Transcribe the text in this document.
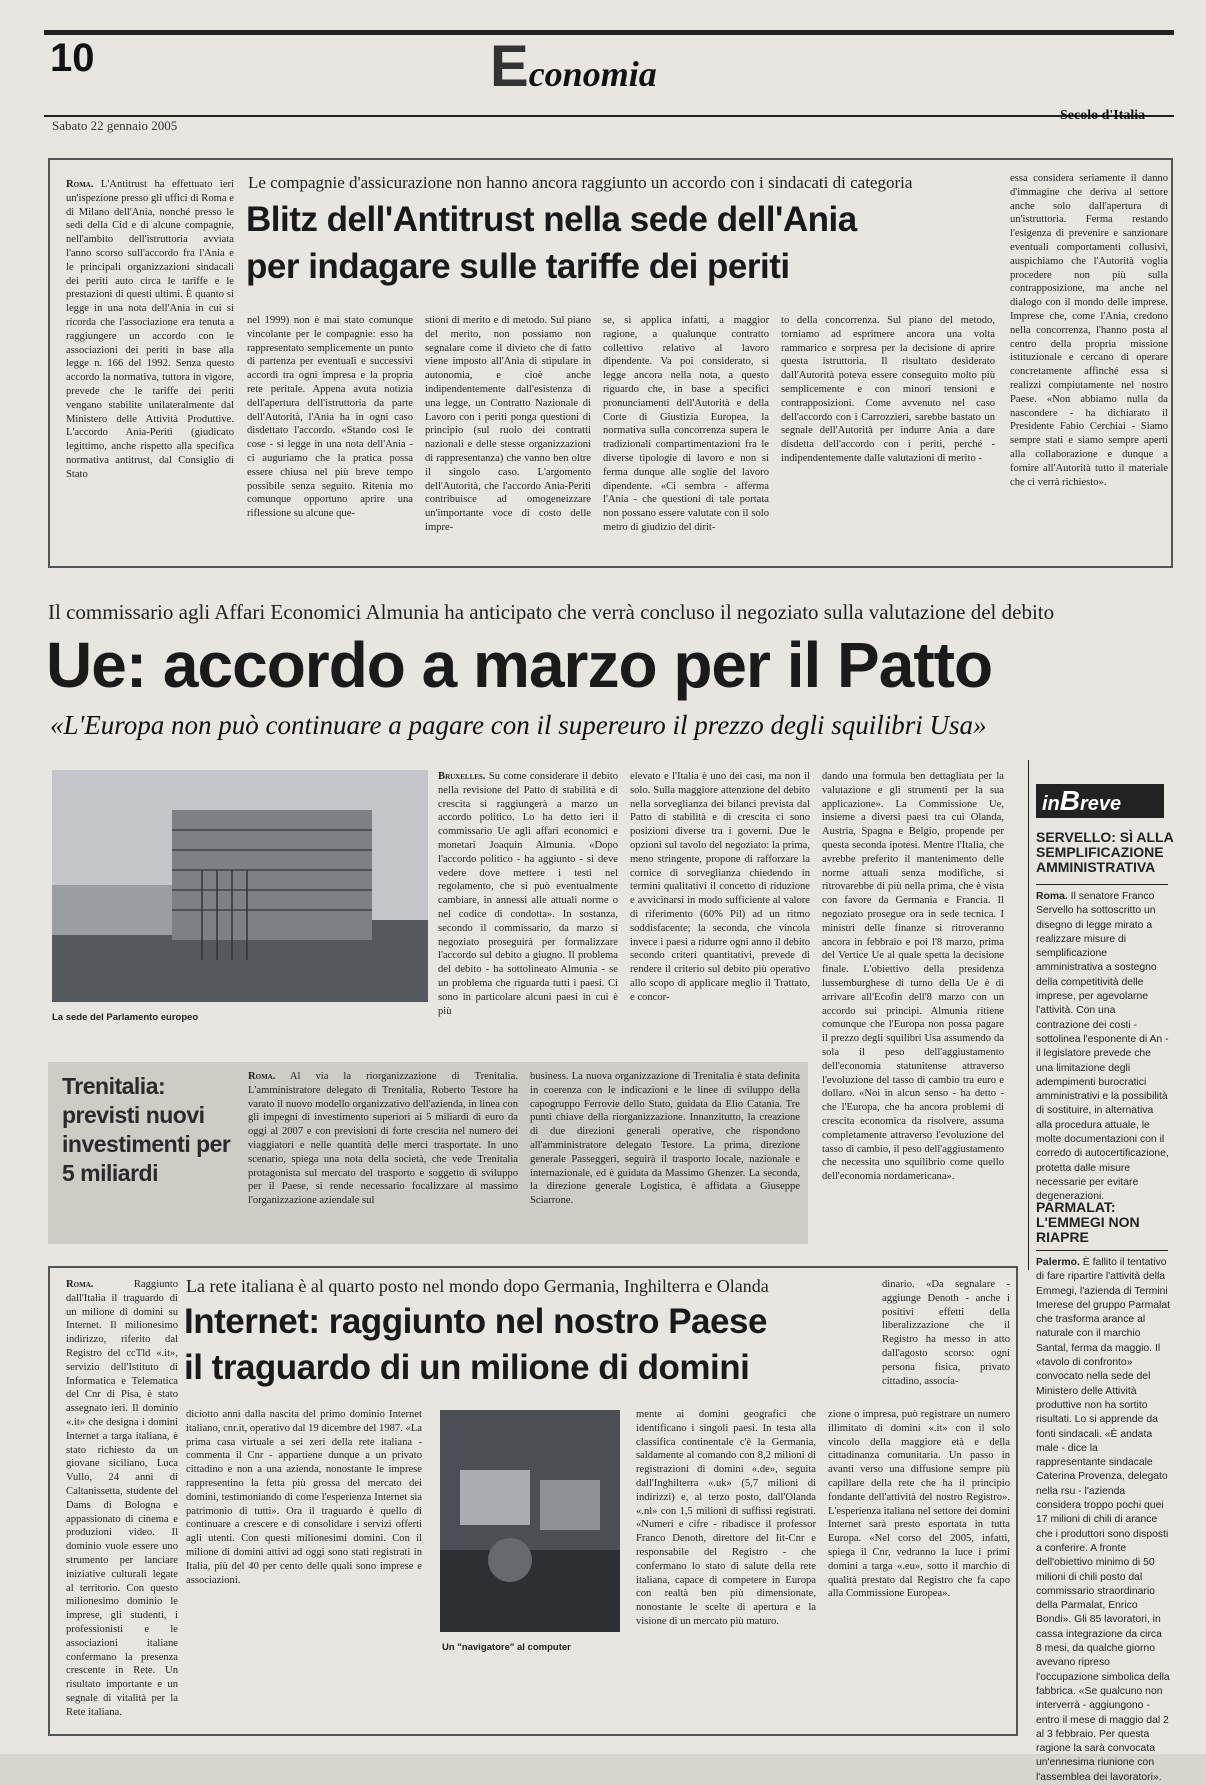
10	Economia
Sabato 22 gennaio 2005
Secolo d'Italia
Roma. L'Antitrust ha effettuato ieri un'ispezione presso gli uffici di Roma e di Milano dell'Ania, nonché presso le sedi della Cid e di alcune compagnie, nell'ambito dell'istruttoria avviata l'anno scorso sull'accordo fra l'Ania e le principali organizzazioni sindacali dei periti auto circa le tariffe e le prestazioni di questi ultimi. È quanto si legge in una nota dell'Ania in cui si ricorda che l'associazione era tenuta a raggiungere un accordo con le associazioni dei periti in base alla legge n. 166 del 1992. Senza questo accordo la normativa, tuttora in vigore, prevede che le tariffe dei periti vengano stabilite unilateralmente dal Ministero delle Attività Produttive. L'accordo Ania-Periti (giudicato legittimo, anche rispetto alla specifica normativa antitrust, dal Consiglio di Stato
Le compagnie d'assicurazione non hanno ancora raggiunto un accordo con i sindacati di categoria
Blitz dell'Antitrust nella sede dell'Ania
per indagare sulle tariffe dei periti
nel 1999) non è mai stato comunque vincolante per le compagnie: esso ha rappresentato semplicemente un punto di partenza per eventuali e successivi accordi tra ogni impresa e la propria rete peritale. Appena avuta notizia dell'apertura dell'istruttoria da parte dell'Autorità, l'Ania ha in ogni caso disdettato l'accordo. «Stando così le cose - si legge in una nota dell'Ania - ci auguriamo che la pratica possa essere chiusa nel più breve tempo possibile senza seguito. Ritenia mo comunque opportuno aprire una riflessione su alcune que-
stioni di merito e di metodo. Sul piano del merito, non possiamo non segnalare come il divieto che di fatto viene imposto all'Ania di stipulare in autonomia, e cioè anche indipendentemente dall'esistenza di una legge, un Contratto Nazionale di Lavoro con i periti ponga questioni di principio (sul ruolo dei contratti nazionali e delle stesse organizzazioni di rappresentanza) che vanno ben oltre il singolo caso. L'argomento dell'Autorità, che l'accordo Ania-Periti contribuisce ad omogeneizzare un'importante voce di costo delle impre-
se, si applica infatti, a maggior ragione, a qualunque contratto collettivo relativo al lavoro dipendente. Va poi considerato, si legge ancora nella nota, a questo riguardo che, in base a specifici pronunciamenti dell'Autorità e della Corte di Giustizia Europea, la normativa sulla concorrenza supera le tradizionali compartimentazioni fra le diverse tipologie di lavoro e non si ferma dunque alle soglie del lavoro dipendente. «Ci sembra - afferma l'Ania - che questioni di tale portata non possano essere valutate con il solo metro di giudizio del dirit-
to della concorrenza. Sul piano del metodo, torniamo ad esprimere ancora una volta rammarico e sorpresa per la decisione di aprire questa istruttoria. Il risultato desiderato dall'Autorità poteva essere conseguito molto più semplicemente e con minori tensioni e contrapposizioni. Come avvenuto nel caso dell'accordo con i Carrozzieri, sarebbe bastato un segnale dell'Autorità per indurre Ania a dare disdetta dell'accordo con i periti, perché - indipendentemente dalle valutazioni di merito -
essa considera seriamente il danno d'immagine che deriva al settore anche solo dall'apertura di un'istruttoria. Ferma restando l'esigenza di prevenire e sanzionare eventuali comportamenti collusivi, auspichiamo che l'Autorità voglia procedere non più sulla contrapposizione, ma anche nel dialogo con il mondo delle imprese. Imprese che, come l'Ania, credono nella concorrenza, l'hanno posta al centro della propria missione istituzionale e cercano di operare concretamente affinché essa si realizzi compiutamente nel nostro Paese. «Non abbiamo nulla da nascondere - ha dichiarato il Presidente Fabio Cerchiai - Siamo sempre stati e siamo sempre aperti alla collaborazione e dunque a fornire all'Autorità tutto il materiale che ci verrà richiesto».
Il commissario agli Affari Economici Almunia ha anticipato che verrà concluso il negoziato sulla valutazione del debito
Ue: accordo a marzo per il Patto
«L'Europa non può continuare a pagare con il supereuro il prezzo degli squilibri Usa»
La sede del Parlamento europeo
Bruxelles. Su come considerare il debito nella revisione del Patto di stabilità e di crescita si raggiungerà a marzo un accordo politico. Lo ha detto ieri il commissario Ue agli affari economici e monetari Joaquin Almunia. «Dopo l'accordo politico - ha aggiunto - si deve vedere dove mettere i testi nel regolamento, che si può eventualmente cambiare, in annessi alle attuali norme o nel codice di condotta». In sostanza, secondo il commissario, da marzo si negoziato proseguirà per formalizzare l'accordo sul debito a giugno. Il problema del debito - ha sottolineato Almunia - se un problema che riguarda tutti i paesi. Ci sono in particolare alcuni paesi in cui è più
elevato e l'Italia è uno dei casi, ma non il solo. Sulla maggiore attenzione del debito nella sorveglianza dei bilanci prevista dal Patto di stabilità e di crescita ci sono posizioni diverse tra i governi. Due le opzioni sul tavolo del negoziato: la prima, meno stringente, propone di rafforzare la cornice di sorveglianza chiedendo in termini qualitativi il concetto di riduzione e avvicinarsi in modo sufficiente al valore di riferimento (60% Pil) ad un ritmo soddisfacente; la seconda, che vincola invece i paesi a ridurre ogni anno il debito secondo criteri quantitativi, prevede di rendere il criterio sul debito più operativo allo scopo di applicare meglio il Trattato, e concor-
dando una formula ben dettagliata per la valutazione e gli strumenti per la sua applicazione». La Commissione Ue, insieme a diversi paesi tra cui Olanda, Austria, Spagna e Belgio, propende per questa seconda ipotesi. Mentre l'Italia, che avrebbe preferito il mantenimento delle norme attuali senza modifiche, si ritrovarebbe di più nella prima, che è vista con favore da Germania e Francia. Il negoziato prosegue ora in sede tecnica. I ministri delle finanze si ritroveranno ancora in febbraio e poi l'8 marzo, prima del Vertice Ue al quale spetta la decisione finale. L'obiettivo della presidenza lussemburghese di turno della Ue è di arrivare all'Ecofin dell'8 marzo con un accordo sui principi. Almunia ritiene comunque che l'Europa non possa pagare il prezzo degli squilibri Usa assumendo da sola il peso dell'aggiustamento dell'economia statunitense attraverso l'evoluzione del tasso di cambio tra euro e dollaro. «Noi in alcun senso - ha detto - che l'Europa, che ha ancora problemi di crescita economica da risolvere, assuma completamente attraverso l'evoluzione del tasso di cambio, il peso dell'aggiustamento che necessita uno squilibrio come quello dell'economia nordamericana».
inBreve
SERVELLO: SÌ ALLA SEMPLIFICAZIONE AMMINISTRATIVA
Roma. Il senatore Franco Servello ha sottoscritto un disegno di legge mirato a realizzare misure di semplificazione amministrativa a sostegno della competitività delle imprese, per agevolarne l'attività. Con una contrazione dei costi - sottolinea l'esponente di An - il legislatore prevede che una limitazione degli adempimenti burocratici amministrativi e la possibilità di sostituire, in alternativa alla procedura attuale, le molte documentazioni con il corredo di autocertificazione, protetta dalle misure necessarie per evitare degenerazioni.
PARMALAT: L'EMMEGI NON RIAPRE
Palermo. È fallito il tentativo di fare ripartire l'attività della Emmegi, l'azienda di Termini Imerese del gruppo Parmalat che trasforma arance al naturale con il marchio Santal, ferma da maggio. Il «tavolo di confronto» convocato nella sede del Ministero delle Attività produttive non ha sortito risultati. Lo si apprende da fonti sindacali. «È andata male - dice la rappresentante sindacale Caterina Provenza, delegato nella rsu - l'azienda considera troppo pochi quei 17 milioni di chili di arance che i produttori sono disposti a conferire. A fronte dell'obiettivo minimo di 50 milioni di chili posto dal commissario straordinario della Parmalat, Enrico Bondi». Gli 85 lavoratori, in cassa integrazione da circa 8 mesi, da qualche giorno avevano ripreso l'occupazione simbolica della fabbrica. «Se qualcuno non interverrà - aggiungono - entro il mese di maggio dal 2 al 3 febbraio. Per questa ragione la sarà convocata un'ennesima riunione con l'assemblea dei lavoratori».
Trenitalia: previsti nuovi investimenti per 5 miliardi
Roma. Al via la riorganizzazione di Trenitalia. L'amministratore delegato di Trenitalia, Roberto Testore ha varato il nuovo modello organizzativo dell'azienda, in linea con gli impegni di investimento superiori ai 5 miliardi di euro da oggi al 2007 e con previsioni di forte crescita nel numero dei viaggiatori e nelle quantità delle merci trasportate. In uno scenario, spiega una nota della società, che vede Trenitalia protagonista sul mercato del trasporto e soggetto di sviluppo per il Paese, si rende necessario focalizzare al massimo l'organizzazione aziendale sul
business. La nuova organizzazione di Trenitalia è stata definita in coerenza con le indicazioni e le linee di sviluppo della capogruppo Ferrovie dello Stato, guidata da Elio Catania. Tre punti chiave della riorganizzazione. Innanzitutto, la creazione di due direzioni generali operative, che rispondono all'amministratore delegato Testore. La prima, direzione generale Passeggeri, seguirà il trasporto locale, nazionale e internazionale, ed è guidata da Massimo Ghenzer. La seconda, la direzione generale Logistica, è affidata a Giuseppe Sciarrone.
Roma.	Raggiunto dall'Italia il traguardo di un milione di domini su Internet. Il milionesimo indirizzo, riferito dal Registro del ccTld «.it», servizio dell'Istituto di Informatica e Telematica del Cnr di Pisa, è stato assegnato ieri. Il dominio «.it» che designa i domini Internet a targa italiana, è stato richiesto da un giovane siciliano, Luca Vullo, 24 anni di Caltanissetta, studente del Dams di Bologna e appassionato di cinema e produzioni video. Il dominio vuole essere uno strumento per lanciare iniziative culturali legate al territorio. Con questo milionesimo dominio le imprese, gli studenti, i professionisti e le associazioni italiane confermano la presenza crescente in Rete. Un risultato importante e un segnale di vitalità per la Rete italiana.
La rete italiana è al quarto posto nel mondo dopo Germania, Inghilterra e Olanda
Internet: raggiunto nel nostro Paese
il traguardo di un milione di domini
dinario. «Da segnalare - aggiunge Denoth - anche i positivi effetti della liberalizzazione che il Registro ha messo in atto dall'agosto scorso: ogni persona fisica, privato cittadino, associa-
diciotto anni dalla nascita del primo dominio Internet italiano, cnr.it, operativo dal 19 dicembre del 1987. «La prima casa virtuale a sei zeri della rete italiana - commenta il Cnr - appartiene dunque a un privato cittadino e non a una azienda, nonostante le imprese rappresentino la fetta più grossa del mercato dei domini, testimoniando di come l'esperienza Internet sia patrimonio di tutti». Ora il traguardo è quello di continuare a crescere e di consolidare i servizi offerti agli utenti. Con questi milionesimi domini. Con il milione di domini attivi ad oggi sono stati registrati in Italia, più del 40 per cento delle quali sono imprese e associazioni.
Un "navigatore" al computer
mente ai domini geografici che identificano i singoli paesi. In testa alla classifica continentale c'è la Germania, saldamente al comando con 8,2 milioni di registrazioni di domini «.de», seguita dall'Inghilterra «.uk» (5,7 milioni di indirizzi) e, al terzo posto, dall'Olanda «.nl» con 1,5 milioni di suffissi registrati. «Numeri e cifre - ribadisce il professor Franco Denoth, direttore del Iit-Cnr e responsabile del Registro - che confermano lo stato di salute della rete italiana, capace di competere in Europa con realtà ben più dimensionate, nonostante le scelte di apertura e la visione di un mercato più maturo.
zione o impresa, può registrare un numero illimitato di domini «.it» con il solo vincolo della maggiore età e della cittadinanza comunitaria. Un passo in avanti verso una diffusione sempre più capillare della rete che ha il principio fondante dell'attività del nostro Registro». L'esperienza italiana nel settore dei domini Internet sarà presto esportata in tutta Europa. «Nel corso del 2005, infatti, spiega il Cnr, vedranno la luce i primi domini a targa «.eu», sotto il marchio di qualità prestato dal Registro che fa capo alla Commissione Europea».
